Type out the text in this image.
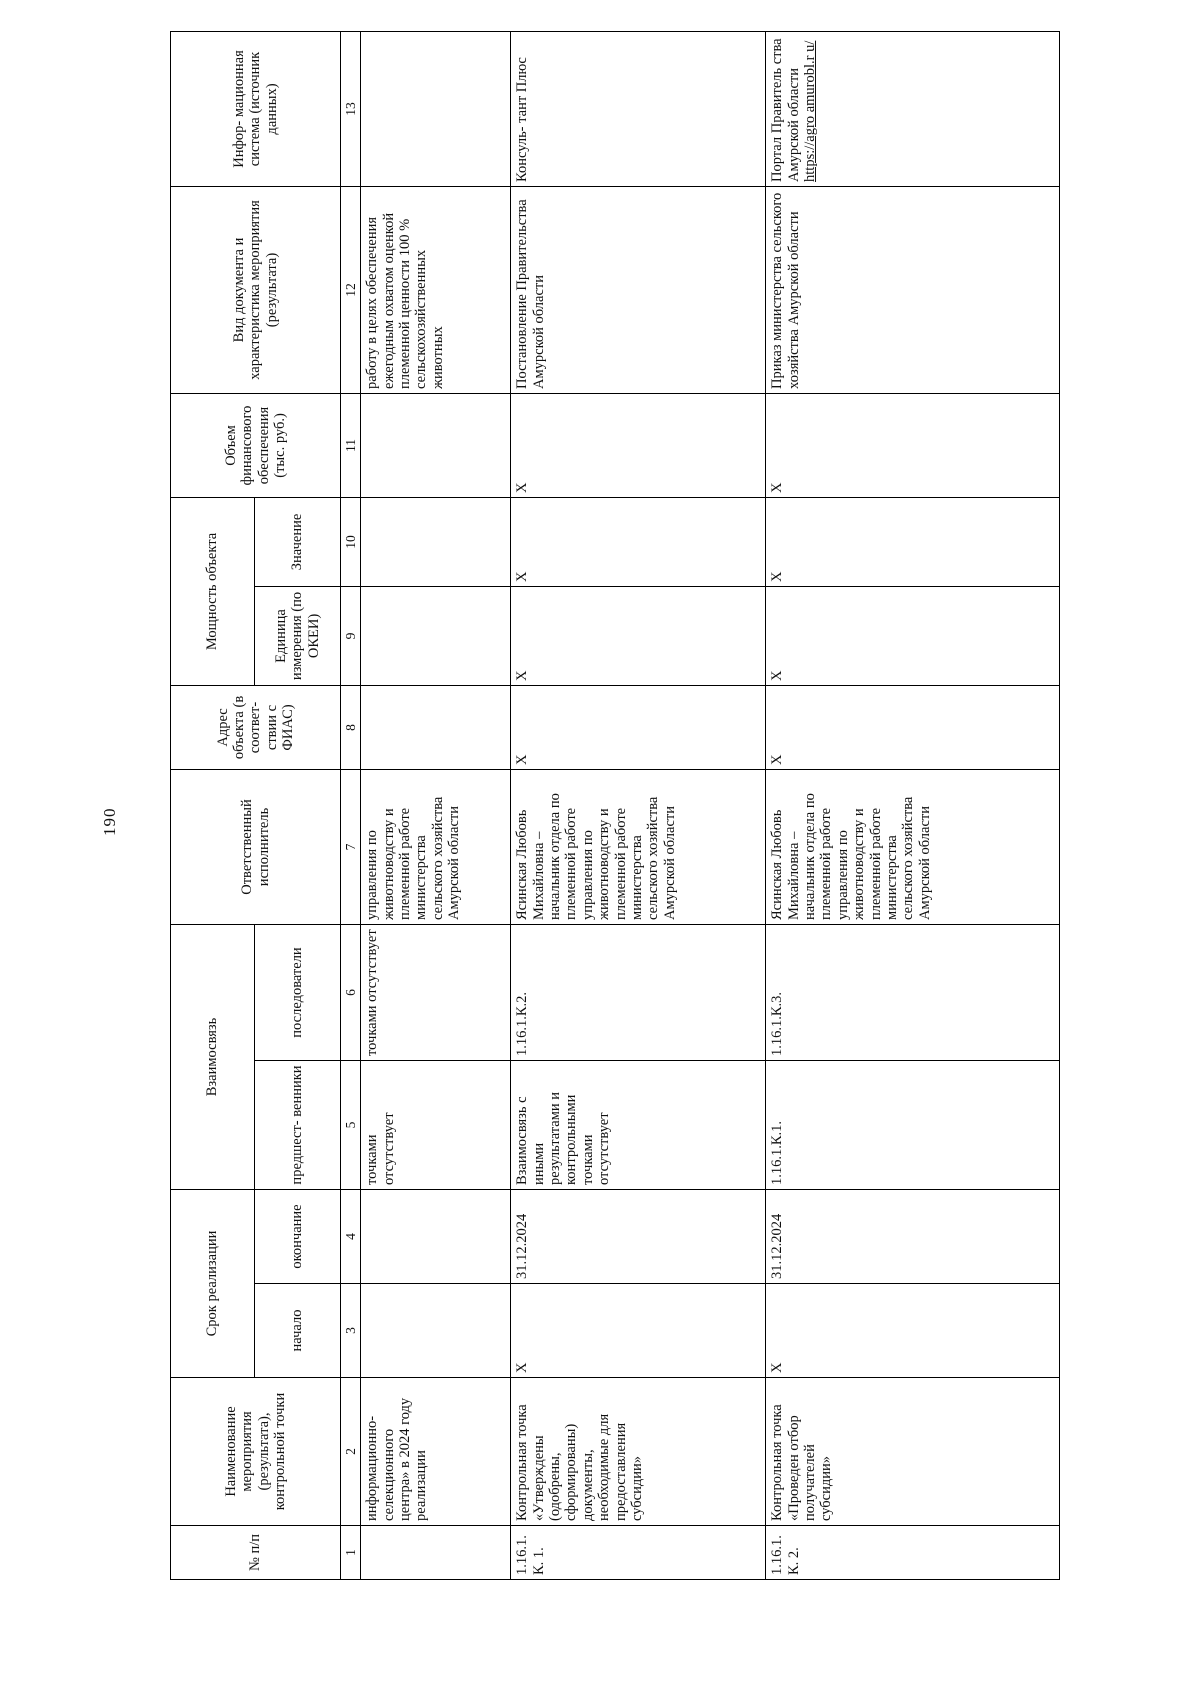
190
№ п/п	Наименование мероприятия (результата), контрольной точки	Срок реализации		Взаимосвязь		Ответственный исполнитель	Адрес объекта (в соответ- ствии с ФИАС)	Мощность объекта		Объем финансового обеспечения (тыс. руб.)	Вид документа и характеристика мероприятия (результата)	Инфор- мационная система (источник данных)
		начало	окончание	предшест- венники	последователи			Единица измерения (по ОКЕИ)	Значение			
1	2	3	4	5	6	7	8	9	10	11	12	13
	информационно-селекционного центра» в 2024 году реализации			точками отсутствует	точками отсутствует	управления по животноводству и племенной работе министерства сельского хозяйства Амурской области					работу в целях обеспечения ежегодным охватом оценкой племенной ценности 100 % сельскохозяйственных животных	
1.16.1.К. 1.	Контрольная точка «Утверждены (одобрены, сформированы) документы, необходимые для предоставления субсидии»	X	31.12.2024	Взаимосвязь с иными результатами и контрольными точками отсутствует	1.16.1.К.2.	Ясинская Любовь Михайловна – начальник отдела по племенной работе управления по животноводству и племенной работе министерства сельского хозяйства Амурской области	X	X	X	X	Постановление Правительства Амурской области	Консуль- тант Плюс
1.16.1.К. 2.	Контрольная точка «Проведен отбор получателей субсидии»	X	31.12.2024	1.16.1.К.1.	1.16.1.К.3.	Ясинская Любовь Михайловна – начальник отдела по племенной работе управления по животноводству и племенной работе министерства сельского хозяйства Амурской области	X	X	X	X	Приказ министерства сельского хозяйства Амурской области	Портал Правитель ства Амурской области https://agro amurobl.r u/
